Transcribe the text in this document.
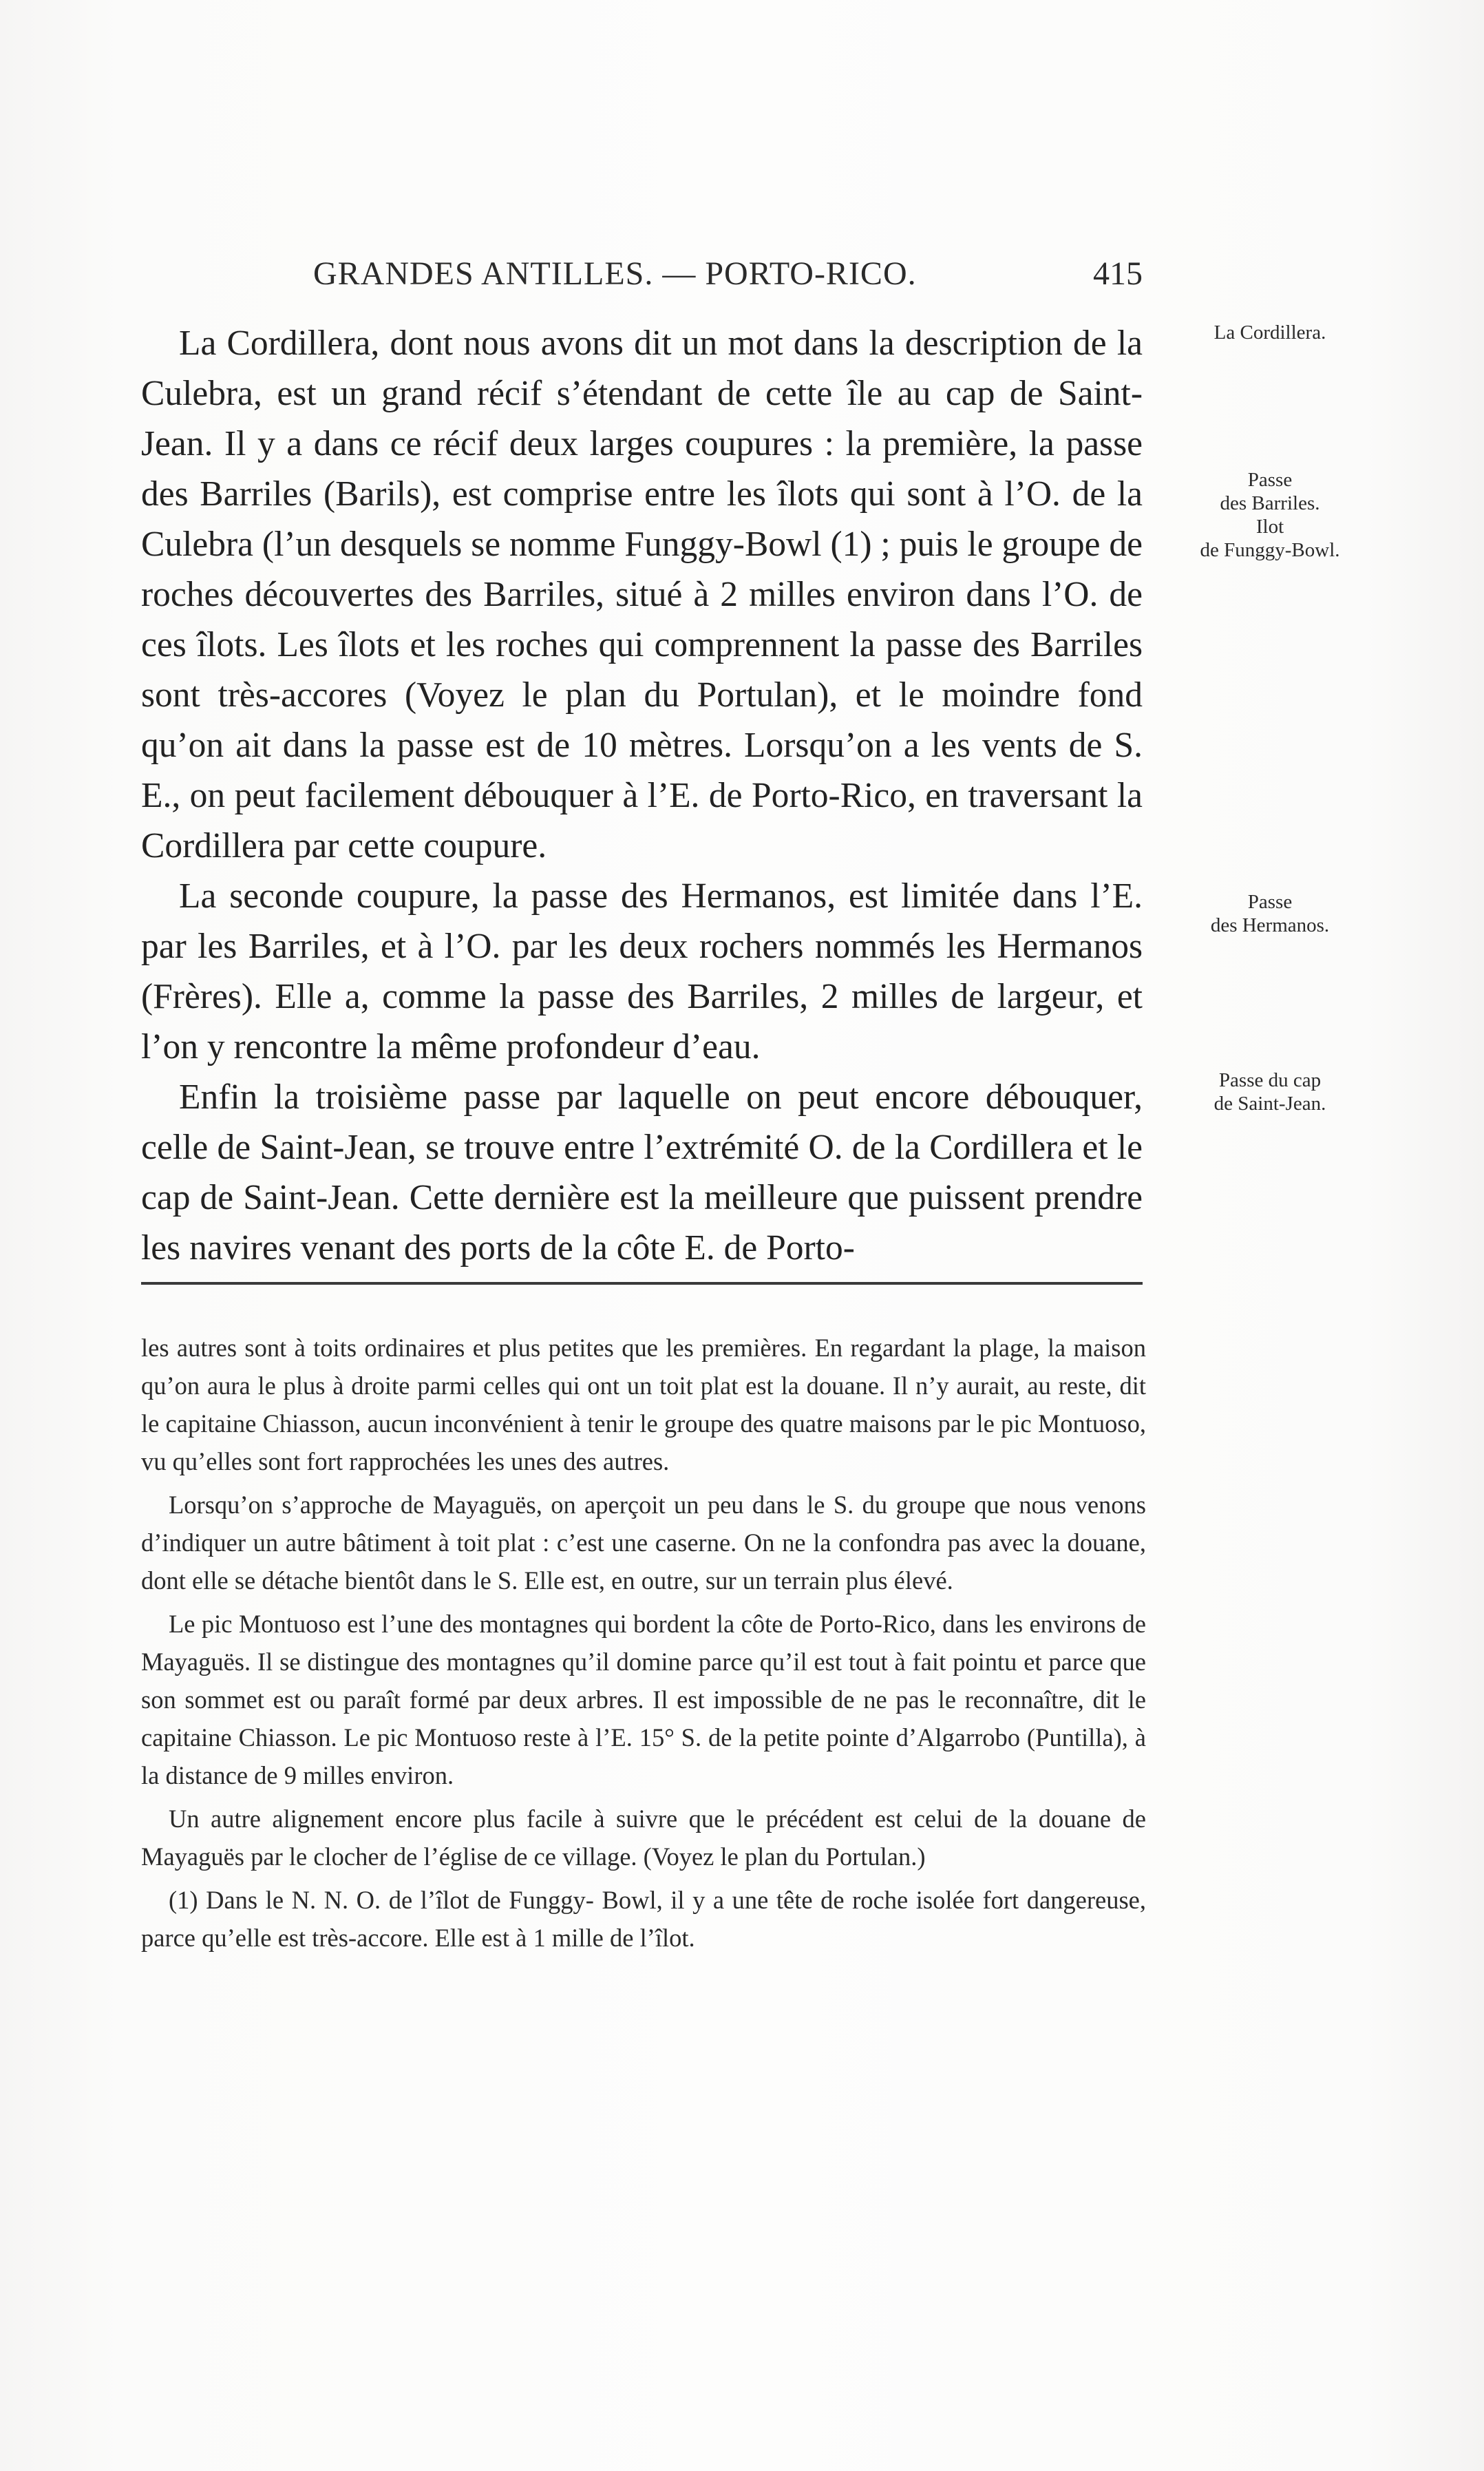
GRANDES ANTILLES. — PORTO-RICO.	415

La Cordillera, dont nous avons dit un mot dans la description de la Culebra, est un grand récif s’étendant de cette île au cap de Saint-Jean. Il y a dans ce récif deux larges coupures : la première, la passe des Barriles (Barils), est comprise entre les îlots qui sont à l’O. de la Culebra (l’un desquels se nomme Funggy-Bowl (1) ; puis le groupe de roches découvertes des Barriles, situé à 2 milles environ dans l’O. de ces îlots. Les îlots et les roches qui comprennent la passe des Barriles sont très-accores (Voyez le plan du Portulan), et le moindre fond qu’on ait dans la passe est de 10 mètres. Lorsqu’on a les vents de S. E., on peut facilement débouquer à l’E. de Porto-Rico, en traversant la Cordillera par cette coupure.

La seconde coupure, la passe des Hermanos, est limitée dans l’E. par les Barriles, et à l’O. par les deux rochers nommés les Hermanos (Frères). Elle a, comme la passe des Barriles, 2 milles de largeur, et l’on y rencontre la même profondeur d’eau.

Enfin la troisième passe par laquelle on peut encore débouquer, celle de Saint-Jean, se trouve entre l’extrémité O. de la Cordillera et le cap de Saint-Jean. Cette dernière est la meilleure que puissent prendre les navires venant des ports de la côte E. de Porto-

La Cordillera.
Passe
des Barriles.
Ilot
de Funggy-Bowl.
Passe
des Hermanos.
Passe du cap
de Saint-Jean.

les autres sont à toits ordinaires et plus petites que les premières. En regardant la plage, la maison qu’on aura le plus à droite parmi celles qui ont un toit plat est la douane. Il n’y aurait, au reste, dit le capitaine Chiasson, aucun inconvénient à tenir le groupe des quatre maisons par le pic Montuoso, vu qu’elles sont fort rapprochées les unes des autres.

Lorsqu’on s’approche de Mayaguës, on aperçoit un peu dans le S. du groupe que nous venons d’indiquer un autre bâtiment à toit plat : c’est une caserne. On ne la confondra pas avec la douane, dont elle se détache bientôt dans le S. Elle est, en outre, sur un terrain plus élevé.

Le pic Montuoso est l’une des montagnes qui bordent la côte de Porto-Rico, dans les environs de Mayaguës. Il se distingue des montagnes qu’il domine parce qu’il est tout à fait pointu et parce que son sommet est ou paraît formé par deux arbres. Il est impossible de ne pas le reconnaître, dit le capitaine Chiasson. Le pic Montuoso reste à l’E. 15° S. de la petite pointe d’Algarrobo (Puntilla), à la distance de 9 milles environ.

Un autre alignement encore plus facile à suivre que le précédent est celui de la douane de Mayaguës par le clocher de l’église de ce village. (Voyez le plan du Portulan.)

(1) Dans le N. N. O. de l’îlot de Funggy- Bowl, il y a une tête de roche isolée fort dangereuse, parce qu’elle est très-accore. Elle est à 1 mille de l’îlot.
